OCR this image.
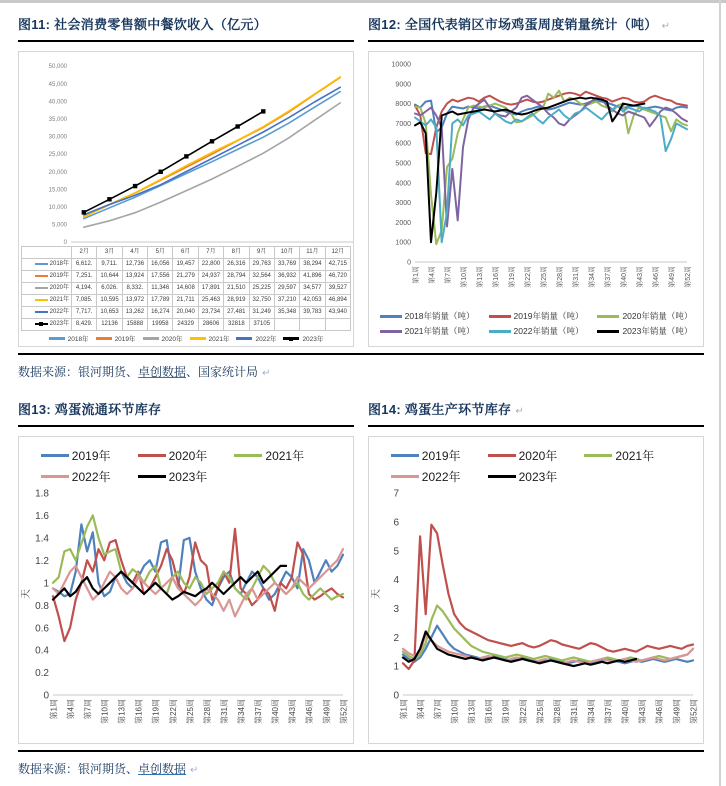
图11: 社会消费零售额中餐饮收入（亿元）
0
5,000
10,000
15,000
20,000
25,000
30,000
35,000
40,000
45,000
50,000
	2月	3月	4月	5月	6月	7月	8月	9月	10月	11月	12月
2018年	6,612.	9,711.	12,736	16,056	19,457	22,800	26,316	29,763	33,769	38,294	42,715
2019年	7,251.	10,644	13,924	17,556	21,279	24,937	28,794	32,564	36,932	41,896	46,720
2020年	4,194.	6,026.	8,332.	11,346	14,608	17,891	21,510	25,225	29,597	34,577	39,527
2021年	7,085.	10,595	13,972	17,789	21,711	25,463	28,919	32,750	37,210	42,053	46,894
2022年	7,717.	10,653	13,262	16,274	20,040	23,734	27,481	31,249	35,348	39,783	43,940

2023年	8,429.	12136	15888	19958	24329	28606	32818	37105			
2018年	2019年	2020年	2021年	2022年	2023年
图12: 全国代表销区市场鸡蛋周度销量统计（吨） ↵
0
1000
2000
3000
4000
5000
6000
7000
8000
9000
10000
第1周 第4周 第7周 第10周 第13周 第16周 第19周 第22周 第25周 第28周 第31周 第34周 第37周 第40周 第43周 第46周 第49周 第52周
2018年销量（吨）	2019年销量（吨）	2020年销量（吨）
2021年销量（吨）	2022年销量（吨）	2023年销量（吨）

数据来源：银河期货、卓创数据、国家统计局 ↵

图13: 鸡蛋流通环节库存
2019年	2020年	2021年
2022年	2023年
0
0.2
0.4
0.6
0.8
1
1.2
1.4
1.6
1.8
第1周 第4周 第7周 第10周 第13周 第16周 第19周 第22周 第25周 第28周 第31周 第34周 第37周 第40周 第43周 第46周 第49周 第52周
天
图14: 鸡蛋生产环节库存 ↵
2019年	2020年	2021年
2022年	2023年
0
1
2
3
4
5
6
7
第1周 第4周 第7周 第10周 第13周 第16周 第19周 第22周 第25周 第28周 第31周 第34周 第37周 第40周 第43周 第46周 第49周 第52周
天

数据来源：银河期货、卓创数据 ↵
